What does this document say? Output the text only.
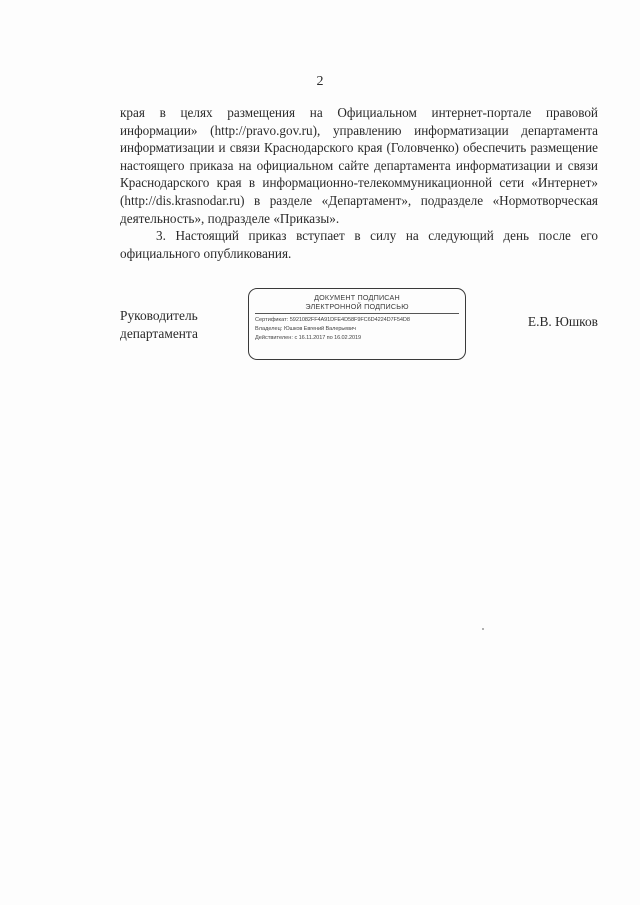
2

края в целях размещения на Официальном интернет-портале правовой информации» (http://pravo.gov.ru), управлению информатизации департамента информатизации и связи Краснодарского края (Головченко) обеспечить размещение настоящего приказа на официальном сайте департамента информатизации и связи Краснодарского края в информационно-телекоммуникационной сети «Интернет» (http://dis.krasnodar.ru) в разделе «Департамент», подразделе «Нормотворческая деятельность», подразделе «Приказы».

3. Настоящий приказ вступает в силу на следующий день после его официального опубликования.

Руководитель
департамента
ДОКУМЕНТ ПОДПИСАН
ЭЛЕКТРОННОЙ ПОДПИСЬЮ
Сертификат: 5921082FF4A91DFE4D58F9FC6D4224D7F54D8
Владелец: Юшков Евгений Валерьевич
Действителен: с 16.11.2017 по 16.02.2019
Е.В. Юшков
